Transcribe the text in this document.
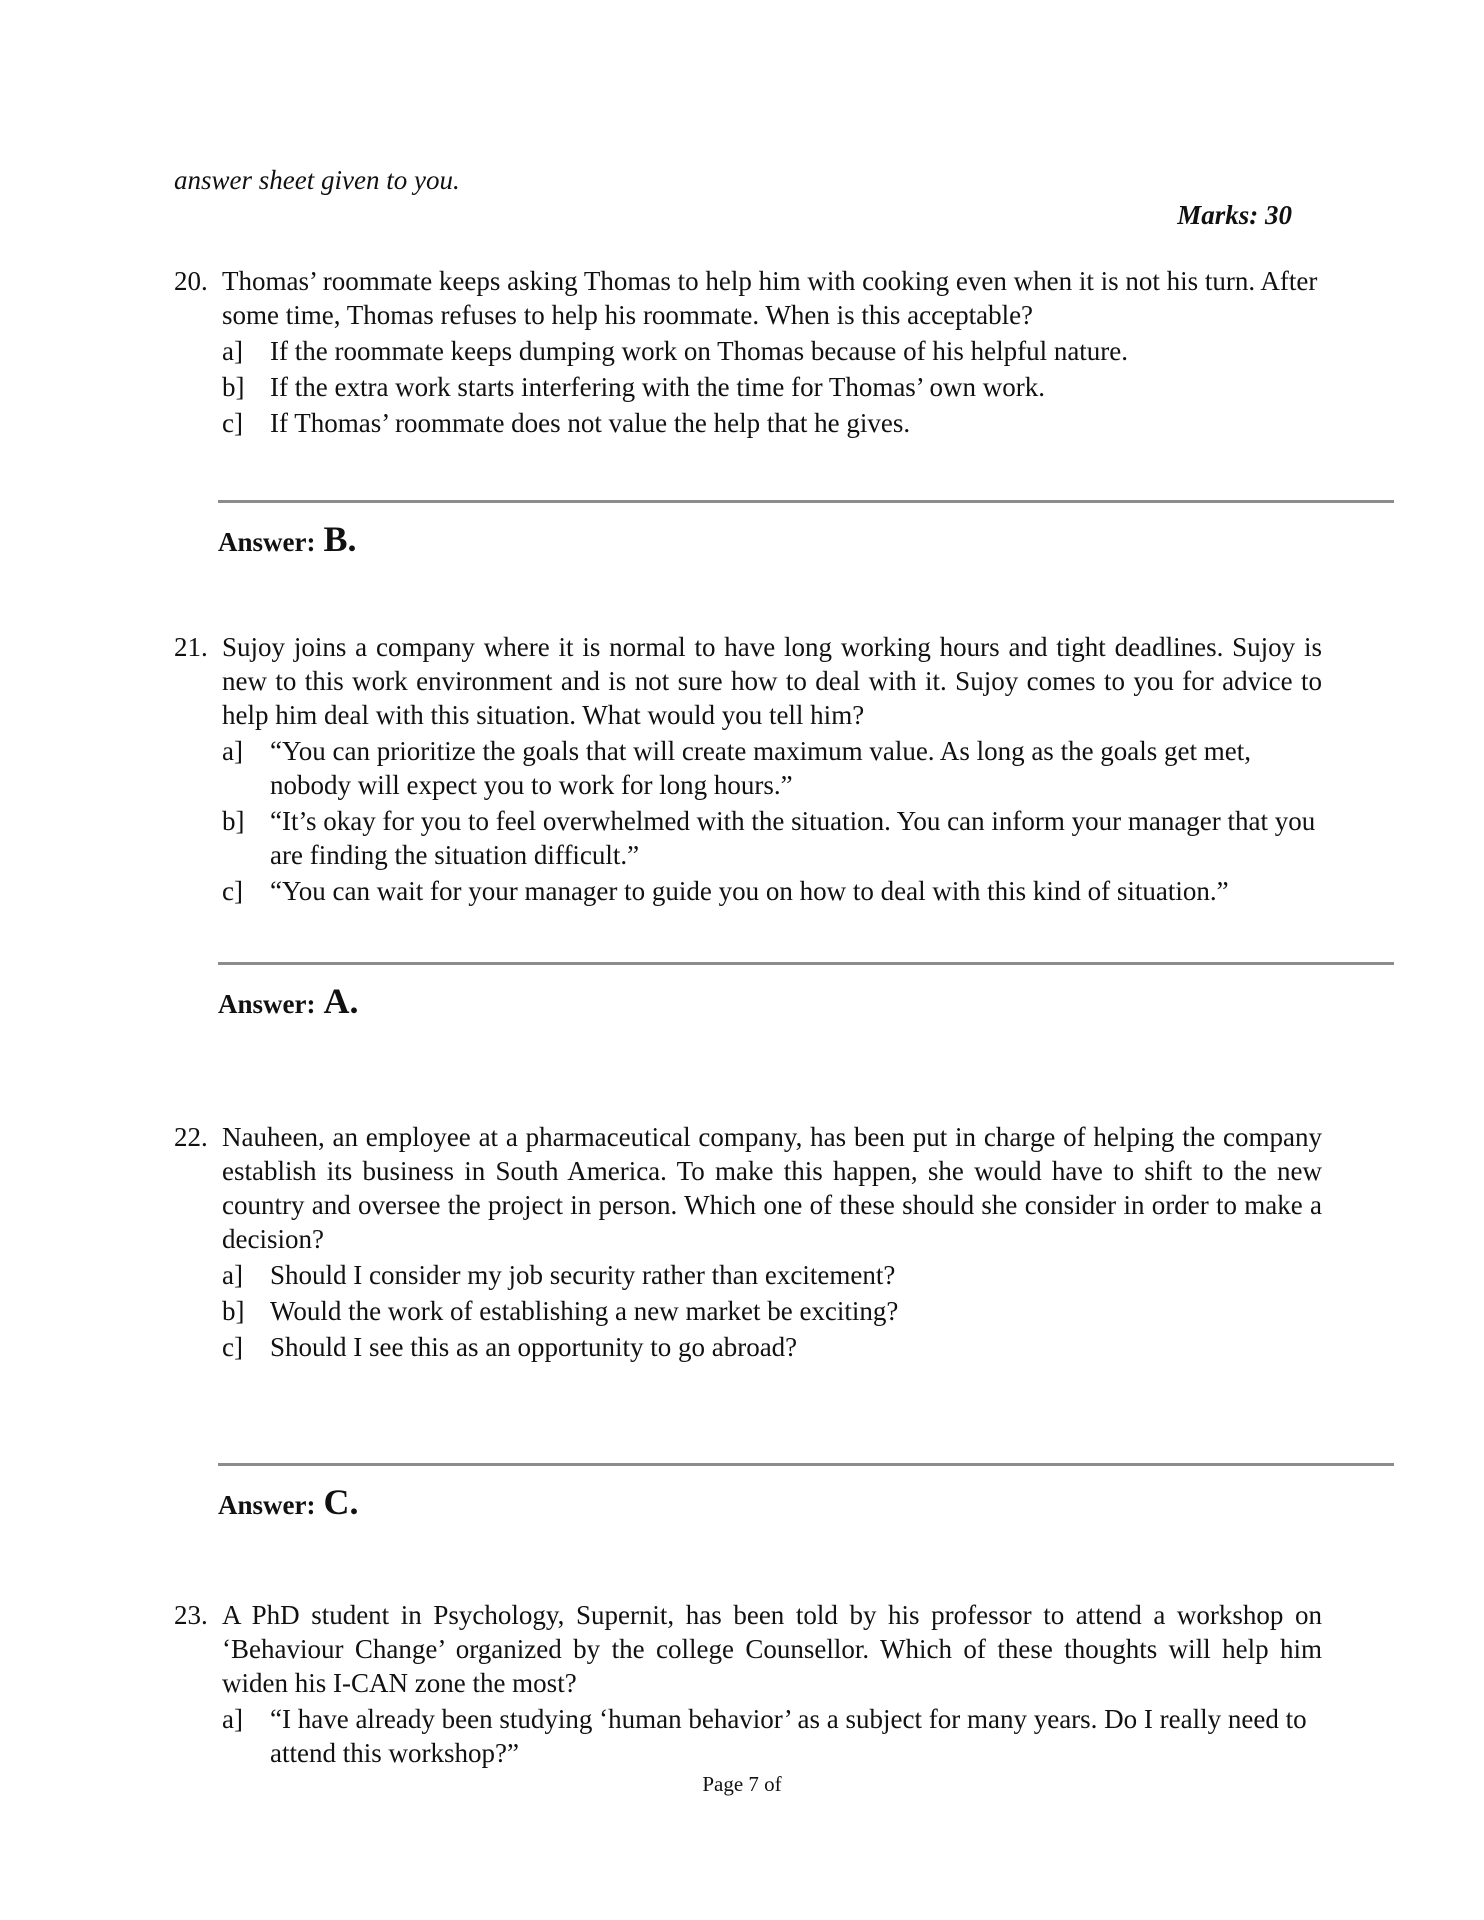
answer sheet given to you.
Marks: 30
20. Thomas’ roommate keeps asking Thomas to help him with cooking even when it is not his turn. After some time, Thomas refuses to help his roommate. When is this acceptable?
a]	If the roommate keeps dumping work on Thomas because of his helpful nature.
b] If the extra work starts interfering with the time for Thomas’ own work.
c]	If Thomas’ roommate does not value the help that he gives.
Answer: B.
21. Sujoy joins a company where it is normal to have long working hours and tight deadlines. Sujoy is new to this work environment and is not sure how to deal with it. Sujoy comes to you for advice to help him deal with this situation. What would you tell him?
a]	“You can prioritize the goals that will create maximum value. As long as the goals get met, nobody will expect you to work for long hours.”
b] “It’s okay for you to feel overwhelmed with the situation. You can inform your manager that you are finding the situation difficult.”
c]	“You can wait for your manager to guide you on how to deal with this kind of situation.”
Answer: A.
22. Nauheen, an employee at a pharmaceutical company, has been put in charge of helping the company establish its business in South America. To make this happen, she would have to shift to the new country and oversee the project in person. Which one of these should she consider in order to make a decision?
a]	Should I consider my job security rather than excitement?
b] Would the work of establishing a new market be exciting?
c]	Should I see this as an opportunity to go abroad?
Answer: C.
23. A PhD student in Psychology, Supernit, has been told by his professor to attend a workshop on ‘Behaviour Change’ organized by the college Counsellor. Which of these thoughts will help him widen his I-CAN zone the most?
a]	“I have already been studying ‘human behavior’ as a subject for many years. Do I really need to attend this workshop?”
Page 7 of
